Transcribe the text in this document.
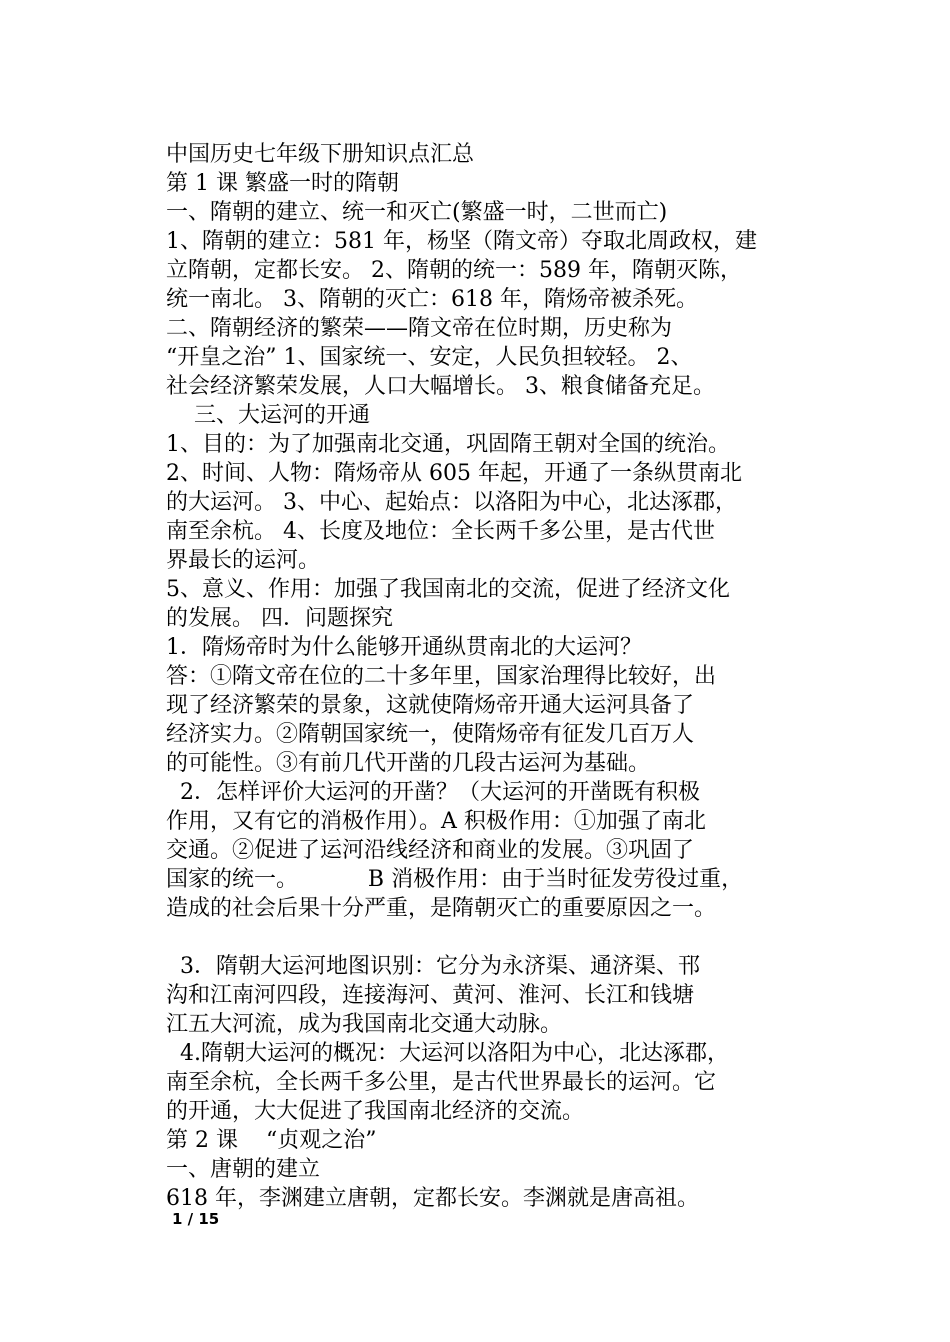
中国历史七年级下册知识点汇总
第 1 课 繁盛一时的隋朝
一、隋朝的建立、统一和灭亡(繁盛一时，二世而亡)
1、隋朝的建立：581 年，杨坚（隋文帝）夺取北周政权，建
立隋朝，定都长安。 2、隋朝的统一：589 年，隋朝灭陈，
统一南北。 3、隋朝的灭亡：618 年，隋炀帝被杀死。
二、隋朝经济的繁荣——隋文帝在位时期，历史称为
“开皇之治” 1、国家统一、安定，人民负担较轻。 2、
社会经济繁荣发展，人口大幅增长。 3、粮食储备充足。
三、大运河的开通
1、目的：为了加强南北交通，巩固隋王朝对全国的统治。
2、时间、人物：隋炀帝从 605 年起，开通了一条纵贯南北
的大运河。 3、中心、起始点：以洛阳为中心，北达涿郡，
南至余杭。 4、长度及地位：全长两千多公里，是古代世
界最长的运河。
5、意义、作用：加强了我国南北的交流，促进了经济文化
的发展。 四．问题探究
1．隋炀帝时为什么能够开通纵贯南北的大运河？
答：①隋文帝在位的二十多年里，国家治理得比较好，出
现了经济繁荣的景象，这就使隋炀帝开通大运河具备了
经济实力。②隋朝国家统一，使隋炀帝有征发几百万人
的可能性。③有前几代开凿的几段古运河为基础。
2．怎样评价大运河的开凿？（大运河的开凿既有积极
作用，又有它的消极作用）。A 积极作用：①加强了南北
交通。②促进了运河沿线经济和商业的发展。③巩固了
国家的统一。          B 消极作用：由于当时征发劳役过重，
造成的社会后果十分严重，是隋朝灭亡的重要原因之一。
3．隋朝大运河地图识别：它分为永济渠、通济渠、邗
沟和江南河四段，连接海河、黄河、淮河、长江和钱塘
江五大河流，成为我国南北交通大动脉。
4.隋朝大运河的概况：大运河以洛阳为中心，北达涿郡，
南至余杭，全长两千多公里，是古代世界最长的运河。它
的开通，大大促进了我国南北经济的交流。
第 2 课    “贞观之治”
一、唐朝的建立
618 年，李渊建立唐朝，定都长安。李渊就是唐高祖。
1 / 15
